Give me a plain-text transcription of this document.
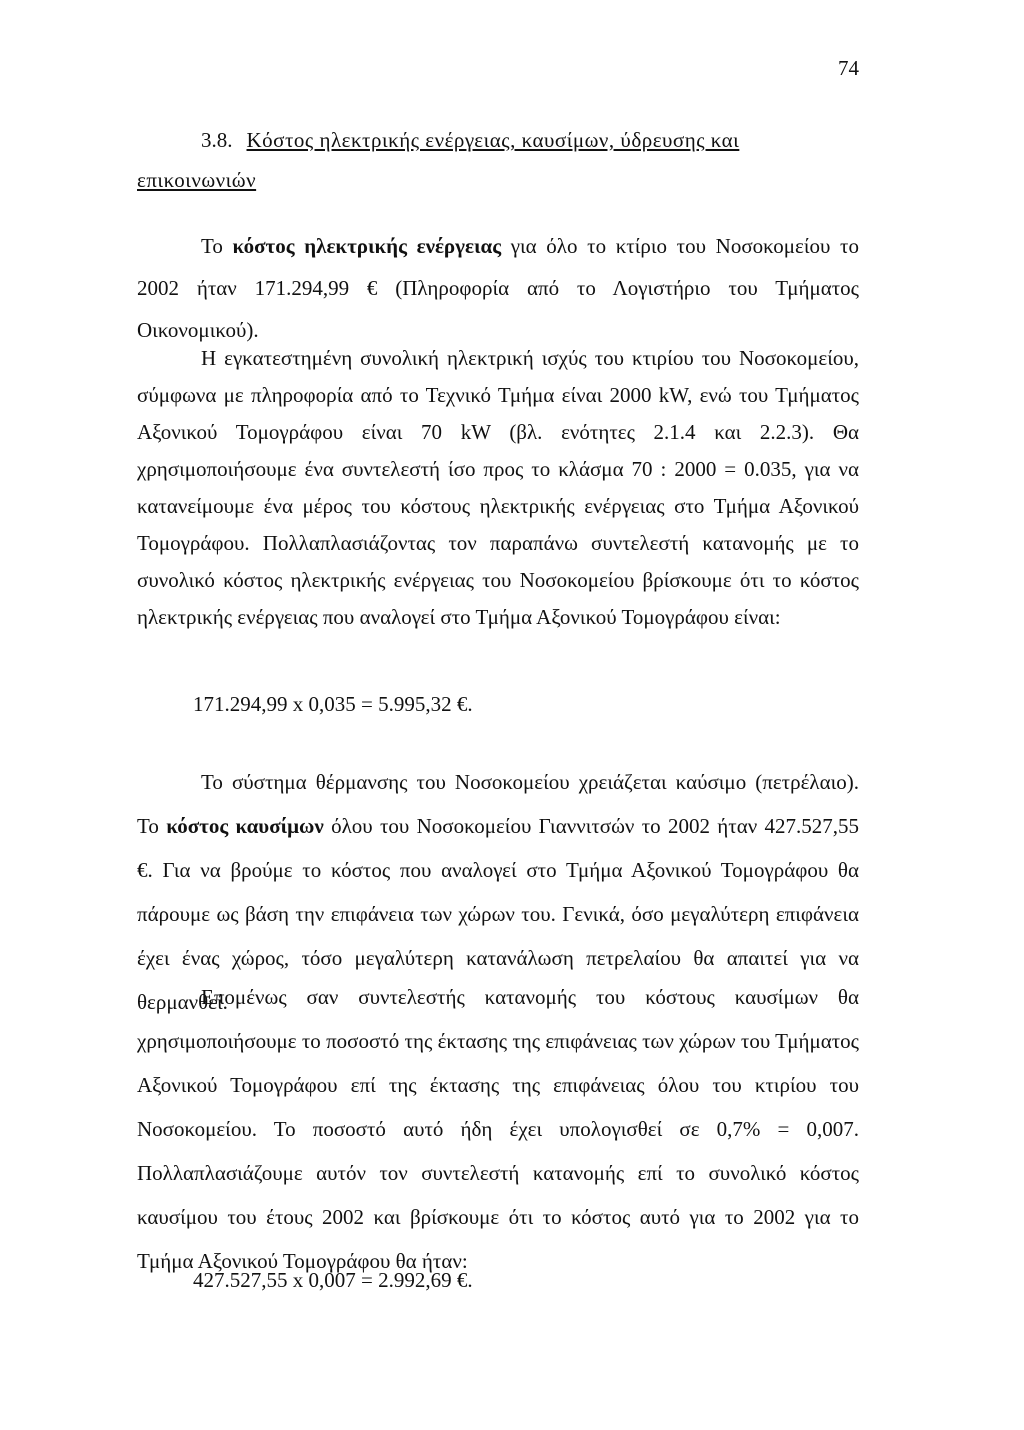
74
3.8. Κόστος ηλεκτρικής ενέργειας, καυσίμων, ύδρευσης και επικοινωνιών

Το κόστος ηλεκτρικής ενέργειας για όλο το κτίριο του Νοσοκομείου το 2002 ήταν 171.294,99 € (Πληροφορία από το Λογιστήριο του Τμήματος Οικονομικού).

Η εγκατεστημένη συνολική ηλεκτρική ισχύς του κτιρίου του Νοσοκομείου, σύμφωνα με πληροφορία από το Τεχνικό Τμήμα είναι 2000 kW, ενώ του Τμήματος Αξονικού Τομογράφου είναι 70 kW (βλ. ενότητες 2.1.4 και 2.2.3). Θα χρησιμοποιήσουμε ένα συντελεστή ίσο προς το κλάσμα 70 : 2000 = 0.035, για να κατανείμουμε ένα μέρος του κόστους ηλεκτρικής ενέργειας στο Τμήμα Αξονικού Τομογράφου. Πολλαπλασιάζοντας τον παραπάνω συντελεστή κατανομής με το συνολικό κόστος ηλεκτρικής ενέργειας του Νοσοκομείου βρίσκουμε ότι το κόστος ηλεκτρικής ενέργειας που αναλογεί στο Τμήμα Αξονικού Τομογράφου είναι:

171.294,99 x 0,035 = 5.995,32 €.

Το σύστημα θέρμανσης του Νοσοκομείου χρειάζεται καύσιμο (πετρέλαιο). Το κόστος καυσίμων όλου του Νοσοκομείου Γιαννιτσών το 2002 ήταν 427.527,55 €. Για να βρούμε το κόστος που αναλογεί στο Τμήμα Αξονικού Τομογράφου θα πάρουμε ως βάση την επιφάνεια των χώρων του. Γενικά, όσο μεγαλύτερη επιφάνεια έχει ένας χώρος, τόσο μεγαλύτερη κατανάλωση πετρελαίου θα απαιτεί για να θερμανθεί.

Επομένως σαν συντελεστής κατανομής του κόστους καυσίμων θα χρησιμοποιήσουμε το ποσοστό της έκτασης της επιφάνειας των χώρων του Τμήματος Αξονικού Τομογράφου επί της έκτασης της επιφάνειας όλου του κτιρίου του Νοσοκομείου. Το ποσοστό αυτό ήδη έχει υπολογισθεί σε 0,7% = 0,007. Πολλαπλασιάζουμε αυτόν τον συντελεστή κατανομής επί το συνολικό κόστος καυσίμου του έτους 2002 και βρίσκουμε ότι το κόστος αυτό για το 2002 για το Τμήμα Αξονικού Τομογράφου θα ήταν:

427.527,55 x 0,007 = 2.992,69 €.
